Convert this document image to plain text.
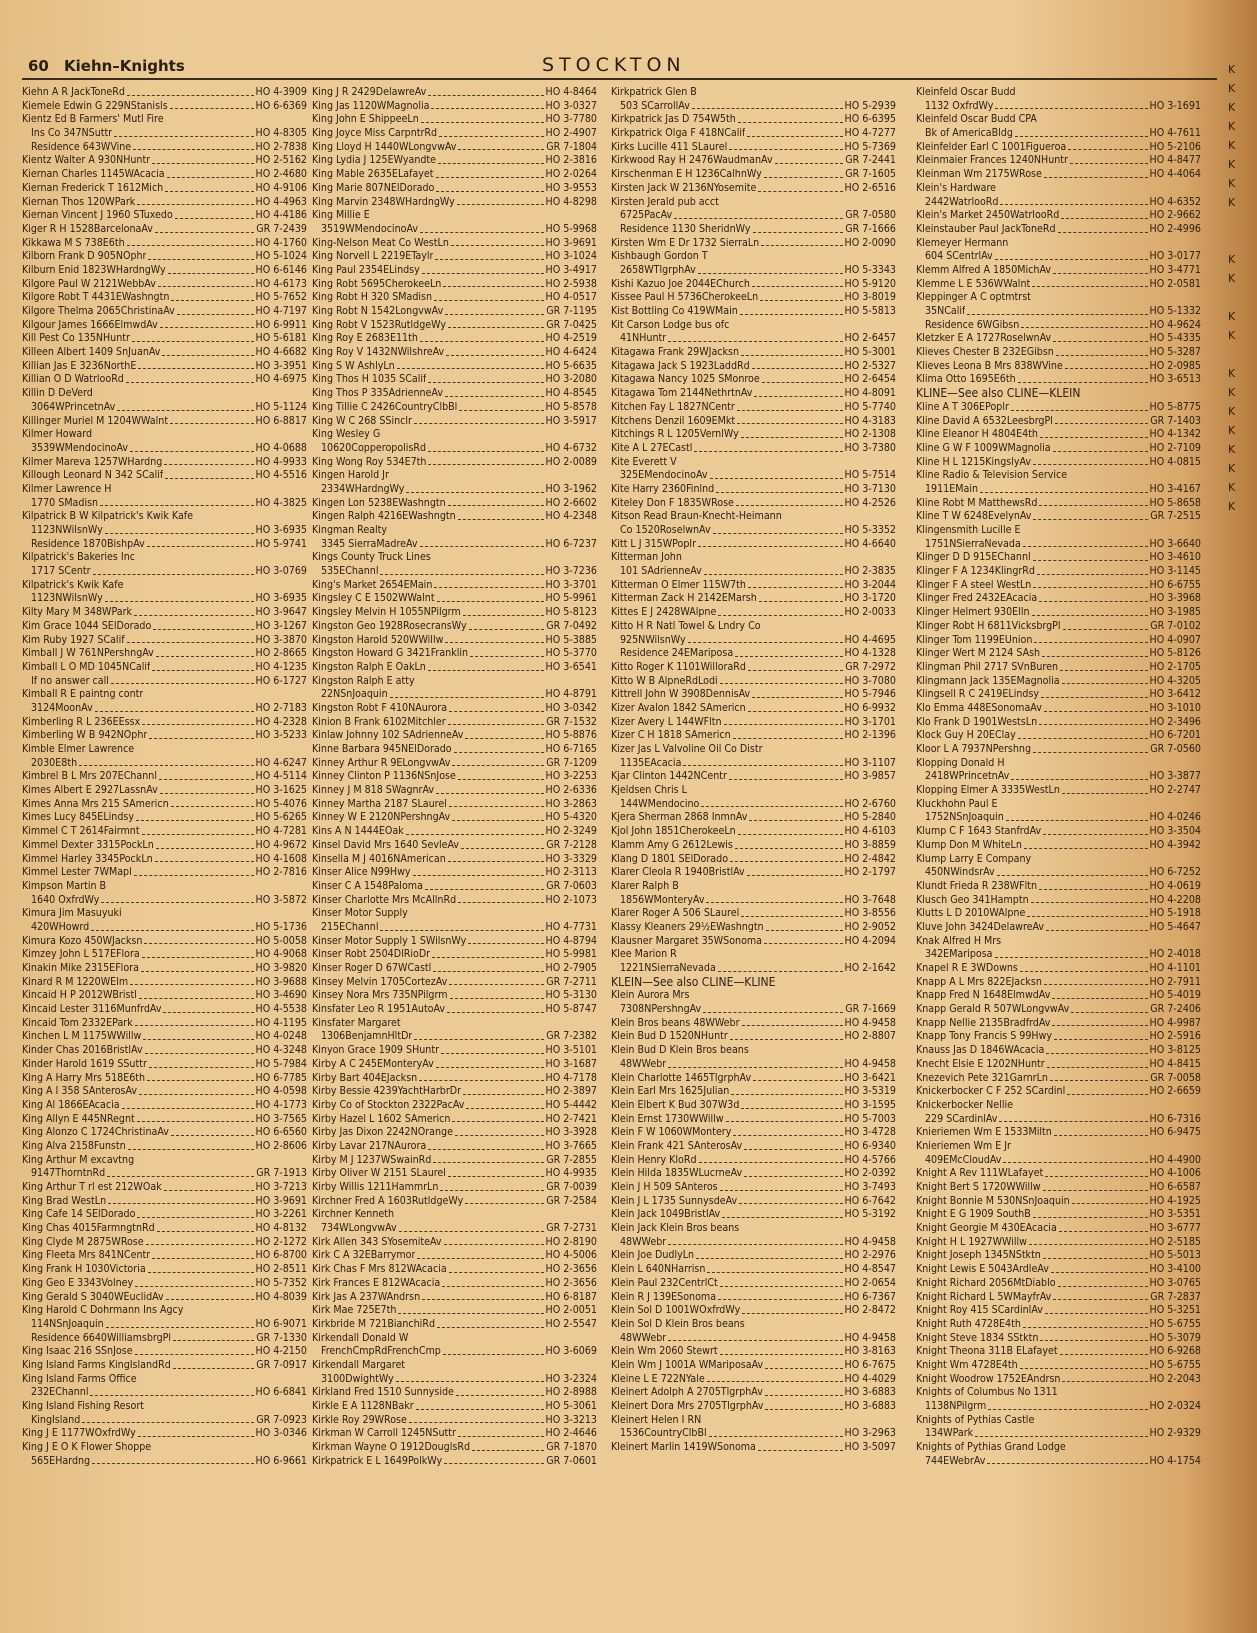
60 Kiehn–Knights	STOCKTON
Kiehn A R JackToneRd	HO 4-3909
Kiemele Edwin G 229NStanisls	HO 6-6369
Kientz Ed B Farmers' Mutl Fire
Ins Co 347NSuttr	HO 4-8305
Residence 643WVine	HO 2-7838
Kientz Walter A 930NHuntr	HO 2-5162
Kiernan Charles 1145WAcacia	HO 2-4680
Kiernan Frederick T 1612Mich	HO 4-9106
Kiernan Thos 120WPark	HO 4-4963
Kiernan Vincent J 1960 STuxedo	HO 4-4186
Kiger R H 1528BarcelonaAv	GR 7-2439
Kikkawa M S 738E6th	HO 4-1760
Kilborn Frank D 905NOphr	HO 5-1024
Kilburn Enid 1823WHardngWy	HO 6-6146
Kilgore Paul W 2121WebbAv	HO 4-6173
Kilgore Robt T 4431EWashngtn	HO 5-7652
Kilgore Thelma 2065ChristinaAv	HO 4-7197
Kilgour James 1666ElmwdAv	HO 6-9911
Kill Pest Co 135NHuntr	HO 5-6181
Killeen Albert 1409 SnJuanAv	HO 4-6682
Killian Jas E 3236NorthE	HO 3-3951
Killian O D WatrlooRd	HO 4-6975
Killin D DeVerd
3064WPrincetnAv	HO 5-1124
Killinger Muriel M 1204WWalnt	HO 6-8817
Kilmer Howard
3539WMendocinoAv	HO 4-0688
Kilmer Mareva 1257WHardng	HO 4-9933
Killough Leonard N 342 SCalif	HO 4-5516
Kilmer Lawrence H
1770 SMadisn	HO 4-3825
Kilpatrick B W Kilpatrick's Kwik Kafe
1123NWilsnWy	HO 3-6935
Residence 1870BishpAv	HO 5-9741
Kilpatrick's Bakeries Inc
1717 SCentr	HO 3-0769
Kilpatrick's Kwik Kafe
1123NWilsnWy	HO 3-6935
Kilty Mary M 348WPark	HO 3-9647
Kim Grace 1044 SElDorado	HO 3-1267
Kim Ruby 1927 SCalif	HO 3-3870
Kimball J W 761NPershngAv	HO 2-8665
Kimball L O MD 1045NCalif	HO 4-1235
If no answer call	HO 6-1727
Kimball R E paintng contr
3124MoonAv	HO 2-7183
Kimberling R L 236EEssx	HO 4-2328
Kimberling W B 942NOphr	HO 3-5233
Kimble Elmer Lawrence
2030E8th	HO 4-6247
Kimbrel B L Mrs 207EChannl	HO 4-5114
Kimes Albert E 2927LassnAv	HO 3-1625
Kimes Anna Mrs 215 SAmericn	HO 5-4076
Kimes Lucy 845ELindsy	HO 5-6265
Kimmel C T 2614Fairmnt	HO 4-7281
Kimmel Dexter 3315PockLn	HO 4-9672
Kimmel Harley 3345PockLn	HO 4-1608
Kimmel Lester 7WMapl	HO 2-7816
Kimpson Martin B
1640 OxfrdWy	HO 3-5872
Kimura Jim Masuyuki
420WHowrd	HO 5-1736
Kimura Kozo 450WJacksn	HO 5-0058
Kimzey John L 517EFlora	HO 4-9068
Kinakin Mike 2315EFlora	HO 3-9820
Kinard R M 1220WElm	HO 3-9688
Kincaid H P 2012WBristl	HO 3-4690
Kincaid Lester 3116MunfrdAv	HO 4-5538
Kincaid Tom 2332EPark	HO 4-1195
Kinchen L M 1175WWillw	HO 4-0248
Kinder Chas 2016BristlAv	HO 4-3248
Kinder Harold 1619 SSuttr	HO 5-7984
King A Harry Mrs 518E6th	HO 6-7785
King A I 358 SAnterosAv	HO 4-0598
King Al 1866EAcacia	HO 4-1773
King Allyn E 445NRegnt	HO 3-7565
King Alonzo C 1724ChristinaAv	HO 6-6560
King Alva 2158Funstn	HO 2-8606
King Arthur M excavtng
9147ThorntnRd	GR 7-1913
King Arthur T rl est 212WOak	HO 3-7213
King Brad WestLn	HO 3-9691
King Cafe 14 SElDorado	HO 3-2261
King Chas 4015FarmngtnRd	HO 4-8132
King Clyde M 2875WRose	HO 2-1272
King Fleeta Mrs 841NCentr	HO 6-8700
King Frank H 1030Victoria	HO 2-8511
King Geo E 3343Volney	HO 5-7352
King Gerald S 3040WEuclidAv	HO 4-8039
King Harold C Dohrmann Ins Agcy
114NSnJoaquin	HO 6-9071
Residence 6640WilliamsbrgPl	GR 7-1330
King Isaac 216 SSnJose	HO 4-2150
King Island Farms KingIslandRd	GR 7-0917
King Island Farms Office
232EChannl	HO 6-6841
King Island Fishing Resort
KingIsland	GR 7-0923
King J E 1177WOxfrdWy	HO 3-0346
King J E O K Flower Shoppe
565EHardng	HO 6-9661
King J R 2429DelawreAv	HO 4-8464
King Jas 1120WMagnolia	HO 3-0327
King John E ShippeeLn	HO 3-7780
King Joyce Miss CarpntrRd	HO 2-4907
King Lloyd H 1440WLongvwAv	GR 7-1804
King Lydia J 125EWyandte	HO 2-3816
King Mable 2635ELafayet	HO 2-0264
King Marie 807NElDorado	HO 3-9553
King Marvin 2348WHardngWy	HO 4-8298
King Millie E
3519WMendocinoAv	HO 5-9968
King-Nelson Meat Co WestLn	HO 3-9691
King Norvell L 2219ETaylr	HO 3-1024
King Paul 2354ELindsy	HO 3-4917
King Robt 5695CherokeeLn	HO 2-5938
King Robt H 320 SMadisn	HO 4-0517
King Robt N 1542LongvwAv	GR 7-1195
King Robt V 1523RutldgeWy	GR 7-0425
King Roy E 2683E11th	HO 4-2519
King Roy V 1432NWilshreAv	HO 4-6424
King S W AshlyLn	HO 5-6635
King Thos H 1035 SCalif	HO 3-2080
King Thos P 335AdrienneAv	HO 4-8545
King Tillie C 2426CountryClbBl	HO 5-8578
King W C 268 SSinclr	HO 3-5917
King Wesley G
10620CopperopolisRd	HO 4-6732
King Wong Roy 534E7th	HO 2-0089
Kingen Harold Jr
2334WHardngWy	HO 3-1962
Kingen Lon 5238EWashngtn	HO 2-6602
Kingen Ralph 4216EWashngtn	HO 4-2348
Kingman Realty
3345 SierraMadreAv	HO 6-7237
Kings County Truck Lines
535EChannl	HO 3-7236
King's Market 2654EMain	HO 3-3701
Kingsley C E 1502WWalnt	HO 5-9961
Kingsley Melvin H 1055NPilgrm	HO 5-8123
Kingston Geo 1928RosecransWy	GR 7-0492
Kingston Harold 520WWillw	HO 5-3885
Kingston Howard G 3421Franklin	HO 5-3770
Kingston Ralph E OakLn	HO 3-6541
Kingston Ralph E atty
22NSnJoaquin	HO 4-8791
Kingston Robt F 410NAurora	HO 3-0342
Kinion B Frank 6102Mitchler	GR 7-1532
Kinlaw Johnny 102 SAdrienneAv	HO 5-8876
Kinne Barbara 945NElDorado	HO 6-7165
Kinney Arthur R 9ELongvwAv	GR 7-1209
Kinney Clinton P 1136NSnJose	HO 3-2253
Kinney J M 818 SWagnrAv	HO 2-6336
Kinney Martha 2187 SLaurel	HO 3-2863
Kinney W E 2120NPershngAv	HO 5-4320
Kins A N 1444EOak	HO 2-3249
Kinsel David Mrs 1640 SevleAv	GR 7-2128
Kinsella M J 4016NAmerican	HO 3-3329
Kinser Alice N99Hwy	HO 2-3113
Kinser C A 1548Paloma	GR 7-0603
Kinser Charlotte Mrs McAllnRd	HO 2-1073
Kinser Motor Supply
215EChannl	HO 4-7731
Kinser Motor Supply 1 SWilsnWy	HO 4-8794
Kinser Robt 2504DlRioDr	HO 5-9981
Kinser Roger D 67WCastl	HO 2-7905
Kinsey Melvin 1705CortezAv	GR 7-2711
Kinsey Nora Mrs 735NPilgrm	HO 5-3130
Kinsfater Leo R 1951AutoAv	HO 5-8747
Kinsfater Margaret
1306BenjamnHltDr	GR 7-2382
Kinyon Grace 1909 SHuntr	HO 3-5101
Kirby A C 245EMonteryAv	HO 3-1687
Kirby Bart 404EJacksn	HO 4-7178
Kirby Bessie 4239YachtHarbrDr	HO 2-3897
Kirby Co of Stockton 2322PacAv	HO 5-4442
Kirby Hazel L 1602 SAmericn	HO 2-7421
Kirby Jas Dixon 2242NOrange	HO 3-3928
Kirby Lavar 217NAurora	HO 3-7665
Kirby M J 1237WSwainRd	GR 7-2855
Kirby Oliver W 2151 SLaurel	HO 4-9935
Kirby Willis 1211HammrLn	GR 7-0039
Kirchner Fred A 1603RutldgeWy	GR 7-2584
Kirchner Kenneth
734WLongvwAv	GR 7-2731
Kirk Allen 343 SYosemiteAv	HO 2-8190
Kirk C A 32EBarrymor	HO 4-5006
Kirk Chas F Mrs 812WAcacia	HO 2-3656
Kirk Frances E 812WAcacia	HO 2-3656
Kirk Jas A 237WAndrsn	HO 6-8187
Kirk Mae 725E7th	HO 2-0051
Kirkbride M 721BianchiRd	HO 2-5547
Kirkendall Donald W
FrenchCmpRdFrenchCmp	HO 3-6069
Kirkendall Margaret
3100DwightWy	HO 3-2324
Kirkland Fred 1510 Sunnyside	HO 2-8988
Kirkle E A 1128NBakr	HO 5-3061
Kirkle Roy 29WRose	HO 3-3213
Kirkman W Carroll 1245NSuttr	HO 2-4646
Kirkman Wayne O 1912DouglsRd	GR 7-1870
Kirkpatrick E L 1649PolkWy	GR 7-0601
Kirkpatrick Glen B
503 SCarrollAv	HO 5-2939
Kirkpatrick Jas D 754W5th	HO 6-6395
Kirkpatrick Olga F 418NCalif	HO 4-7277
Kirks Lucille 411 SLaurel	HO 5-7369
Kirkwood Ray H 2476WaudmanAv	GR 7-2441
Kirschenman E H 1236CalhnWy	GR 7-1605
Kirsten Jack W 2136NYosemite	HO 2-6516
Kirsten Jerald pub acct
6725PacAv	GR 7-0580
Residence 1130 SheridnWy	GR 7-1666
Kirsten Wm E Dr 1732 SierraLn	HO 2-0090
Kishbaugh Gordon T
2658WTlgrphAv	HO 5-3343
Kishi Kazuo Joe 2044EChurch	HO 5-9120
Kissee Paul H 5736CherokeeLn	HO 3-8019
Kist Bottling Co 419WMain	HO 5-5813
Kit Carson Lodge bus ofc
41NHuntr	HO 2-6457
Kitagawa Frank 29WJacksn	HO 5-3001
Kitagawa Jack S 1923LaddRd	HO 2-5327
Kitagawa Nancy 1025 SMonroe	HO 2-6454
Kitagawa Tom 2144NethrtnAv	HO 4-8091
Kitchen Fay L 1827NCentr	HO 5-7740
Kitchens Denzil 1609EMkt	HO 4-3183
Kitchings R L 1205VernlWy	HO 2-1308
Kite A L 27ECastl	HO 3-7380
Kite Everett V
325EMendocinoAv	HO 5-7514
Kite Harry 2360Finlnd	HO 3-7130
Kiteley Don F 1835WRose	HO 4-2526
Kitson Read Braun-Knecht-Heimann
Co 1520RoselwnAv	HO 5-3352
Kitt L J 315WPoplr	HO 4-6640
Kitterman John
101 SAdrienneAv	HO 2-3835
Kitterman O Elmer 115W7th	HO 3-2044
Kitterman Zack H 2142EMarsh	HO 3-1720
Kittes E J 2428WAlpne	HO 2-0033
Kitto H R Natl Towel & Lndry Co
925NWilsnWy	HO 4-4695
Residence 24EMariposa	HO 4-1328
Kitto Roger K 1101WilloraRd	GR 7-2972
Kitto W B AlpneRdLodi	HO 3-7080
Kittrell John W 3908DennisAv	HO 5-7946
Kizer Avalon 1842 SAmericn	HO 6-9932
Kizer Avery L 144WFltn	HO 3-1701
Kizer C H 1818 SAmericn	HO 2-1396
Kizer Jas L Valvoline Oil Co Distr
1135EAcacia	HO 3-1107
Kjar Clinton 1442NCentr	HO 3-9857
Kjeldsen Chris L
144WMendocino	HO 2-6760
Kjera Sherman 2868 InmnAv	HO 5-2840
Kjol John 1851CherokeeLn	HO 4-6103
Klamm Amy G 2612Lewis	HO 3-8859
Klang D 1801 SElDorado	HO 2-4842
Klarer Cleola R 1940BristlAv	HO 2-1797
Klarer Ralph B
1856WMonteryAv	HO 3-7648
Klarer Roger A 506 SLaurel	HO 3-8556
Klassy Kleaners 29½EWashngtn	HO 2-9052
Klausner Margaret 35WSonoma	HO 4-2094
Klee Marion R
1221NSierraNevada	HO 2-1642
KLEIN—See also CLINE—KLINE
Klein Aurora Mrs
7308NPershngAv	GR 7-1669
Klein Bros beans 48WWebr	HO 4-9458
Klein Bud D 1520NHuntr	HO 2-8807
Klein Bud D Klein Bros beans
48WWebr	HO 4-9458
Klein Charlotte 1465TlgrphAv	HO 3-6421
Klein Earl Mrs 1625Julian	HO 3-5319
Klein Elbert K Bud 307W3d	HO 3-1595
Klein Ernst 1730WWillw	HO 5-7003
Klein F W 1060WMontery	HO 3-4728
Klein Frank 421 SAnterosAv	HO 6-9340
Klein Henry KloRd	HO 4-5766
Klein Hilda 1835WLucrneAv	HO 2-0392
Klein J H 509 SAnteros	HO 3-7493
Klein J L 1735 SunnysdeAv	HO 6-7642
Klein Jack 1049BristlAv	HO 5-3192
Klein Jack Klein Bros beans
48WWebr	HO 4-9458
Klein Joe DudlyLn	HO 2-2976
Klein L 640NHarrisn	HO 4-8547
Klein Paul 232CentrlCt	HO 2-0654
Klein R J 139ESonoma	HO 6-7367
Klein Sol D 1001WOxfrdWy	HO 2-8472
Klein Sol D Klein Bros beans
48WWebr	HO 4-9458
Klein Wm 2060 Stewrt	HO 3-8163
Klein Wm J 1001A WMariposaAv	HO 6-7675
Kleine L E 722NYale	HO 4-4029
Kleinert Adolph A 2705TlgrphAv	HO 3-6883
Kleinert Dora Mrs 2705TlgrphAv	HO 3-6883
Kleinert Helen I RN
1536CountryClbBl	HO 3-2963
Kleinert Marlin 1419WSonoma	HO 3-5097
Kleinfeld Oscar Budd
1132 OxfrdWy	HO 3-1691
Kleinfeld Oscar Budd CPA
Bk of AmericaBldg	HO 4-7611
Kleinfelder Earl C 1001Figueroa	HO 5-2106
Kleinmaier Frances 1240NHuntr	HO 4-8477
Kleinman Wm 2175WRose	HO 4-4064
Klein's Hardware
2442WatrlooRd	HO 4-6352
Klein's Market 2450WatrlooRd	HO 2-9662
Kleinstauber Paul JackToneRd	HO 2-4996
Klemeyer Hermann
604 SCentrlAv	HO 3-0177
Klemm Alfred A 1850MichAv	HO 3-4771
Klemme L E 536WWalnt	HO 2-0581
Kleppinger A C optmtrst
35NCalif	HO 5-1332
Residence 6WGibsn	HO 4-9624
Kletzker E A 1727RoselwnAv	HO 5-4335
Klieves Chester B 232EGibsn	HO 5-3287
Klieves Leona B Mrs 838WVine	HO 2-0985
Klima Otto 1695E6th	HO 3-6513
KLINE—See also CLINE—KLEIN
Kline A T 306EPoplr	HO 5-8775
Kline David A 6532LeesbrgPl	GR 7-1403
Kline Eleanor H 4804E4th	HO 4-1342
Kline G W F 1009WMagnolia	HO 2-7109
Kline H L 1215KingslyAv	HO 4-0815
Kline Radio & Television Service
1911EMain	HO 3-4167
Kline Robt M MatthewsRd	HO 5-8658
Kline T W 6248EvelynAv	GR 7-2515
Klingensmith Lucille E
1751NSierraNevada	HO 3-6640
Klinger D D 915EChannl	HO 3-4610
Klinger F A 1234KlingrRd	HO 3-1145
Klinger F A steel WestLn	HO 6-6755
Klinger Fred 2432EAcacia	HO 3-3968
Klinger Helmert 930Elln	HO 3-1985
Klinger Robt H 6811VicksbrgPl	GR 7-0102
Klinger Tom 1199EUnion	HO 4-0907
Klinger Wert M 2124 SAsh	HO 5-8126
Klingman Phil 2717 SVnBuren	HO 2-1705
Klingmann Jack 135EMagnolia	HO 4-3205
Klingsell R C 2419ELindsy	HO 3-6412
Klo Emma 448ESonomaAv	HO 3-1010
Klo Frank D 1901WestsLn	HO 2-3496
Klock Guy H 20EClay	HO 6-7201
Kloor L A 7937NPershng	GR 7-0560
Klopping Donald H
2418WPrincetnAv	HO 3-3877
Klopping Elmer A 3335WestLn	HO 2-2747
Kluckhohn Paul E
1752NSnJoaquin	HO 4-0246
Klump C F 1643 StanfrdAv	HO 3-3504
Klump Don M WhiteLn	HO 4-3942
Klump Larry E Company
450NWindsrAv	HO 6-7252
Klundt Frieda R 238WFltn	HO 4-0619
Klusch Geo 341Hamptn	HO 4-2208
Klutts L D 2010WAlpne	HO 5-1918
Kluve John 3424DelawreAv	HO 5-4647
Knak Alfred H Mrs
342EMariposa	HO 2-4018
Knapel R E 3WDowns	HO 4-1101
Knapp A L Mrs 822EJacksn	HO 2-7911
Knapp Fred N 1648ElmwdAv	HO 5-4019
Knapp Gerald R 507WLongvwAv	GR 7-2406
Knapp Nellie 2135BradfrdAv	HO 4-9987
Knapp Tony Francis S 99Hwy	HO 2-5916
Knauss Jas D 1846WAcacia	HO 3-8125
Knecht Elsie E 1202NHuntr	HO 4-8415
Knezevich Pete 321GarnrLn	GR 7-0058
Knickerbocker C F 252 SCardinl	HO 2-6659
Knickerbocker Nellie
229 SCardinlAv	HO 6-7316
Knieriemen Wm E 1533Miltn	HO 6-9475
Knieriemen Wm E Jr
409EMcCloudAv	HO 4-4900
Knight A Rev 111WLafayet	HO 4-1006
Knight Bert S 1720WWillw	HO 6-6587
Knight Bonnie M 530NSnJoaquin	HO 4-1925
Knight E G 1909 SouthB	HO 3-5351
Knight Georgie M 430EAcacia	HO 3-6777
Knight H L 1927WWillw	HO 2-5185
Knight Joseph 1345NStktn	HO 5-5013
Knight Lewis E 5043ArdleAv	HO 3-4100
Knight Richard 2056MtDiablo	HO 3-0765
Knight Richard L 5WMayfrAv	GR 7-2837
Knight Roy 415 SCardinlAv	HO 5-3251
Knight Ruth 4728E4th	HO 5-6755
Knight Steve 1834 SStktn	HO 5-3079
Knight Theona 311B ELafayet	HO 6-9268
Knight Wm 4728E4th	HO 5-6755
Knight Woodrow 1752EAndrsn	HO 2-2043
Knights of Columbus No 1311
1138NPilgrm	HO 2-0324
Knights of Pythias Castle
134WPark	HO 2-9329
Knights of Pythias Grand Lodge
744EWebrAv	HO 4-1754
K
K
K
K
K
K
K
K
K
K
K
K
K
K
K
K
K
K
K
K
